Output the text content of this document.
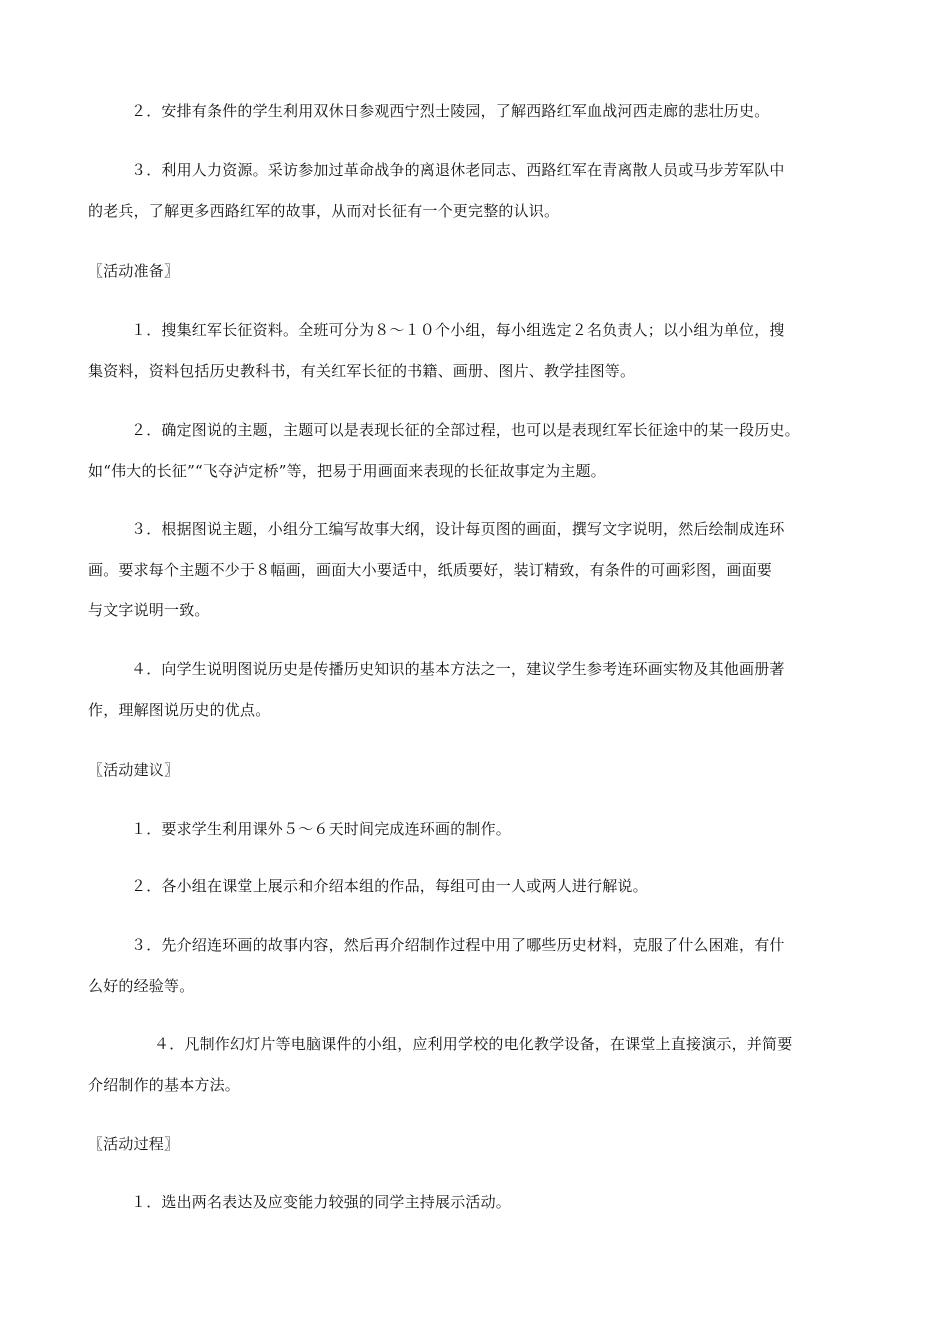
２．安排有条件的学生利用双休日参观西宁烈士陵园，了解西路红军血战河西走廊的悲壮历史。
３．利用人力资源。采访参加过革命战争的离退休老同志、西路红军在青离散人员或马步芳军队中
的老兵，了解更多西路红军的故事，从而对长征有一个更完整的认识。
〖活动准备〗
１．搜集红军长征资料。全班可分为８～１０个小组，每小组选定２名负责人；以小组为单位，搜
集资料，资料包括历史教科书，有关红军长征的书籍、画册、图片、教学挂图等。
２．确定图说的主题，主题可以是表现长征的全部过程，也可以是表现红军长征途中的某一段历史。
如“伟大的长征”“飞夺泸定桥”等，把易于用画面来表现的长征故事定为主题。
３．根据图说主题，小组分工编写故事大纲，设计每页图的画面，撰写文字说明，然后绘制成连环
画。要求每个主题不少于８幅画，画面大小要适中，纸质要好，装订精致，有条件的可画彩图，画面要
与文字说明一致。
４．向学生说明图说历史是传播历史知识的基本方法之一，建议学生参考连环画实物及其他画册著
作，理解图说历史的优点。
〖活动建议〗
１．要求学生利用课外５～６天时间完成连环画的制作。
２．各小组在课堂上展示和介绍本组的作品，每组可由一人或两人进行解说。
３．先介绍连环画的故事内容，然后再介绍制作过程中用了哪些历史材料，克服了什么困难，有什
么好的经验等。
４．凡制作幻灯片等电脑课件的小组，应利用学校的电化教学设备，在课堂上直接演示，并简要
介绍制作的基本方法。
〖活动过程〗
１．选出两名表达及应变能力较强的同学主持展示活动。
